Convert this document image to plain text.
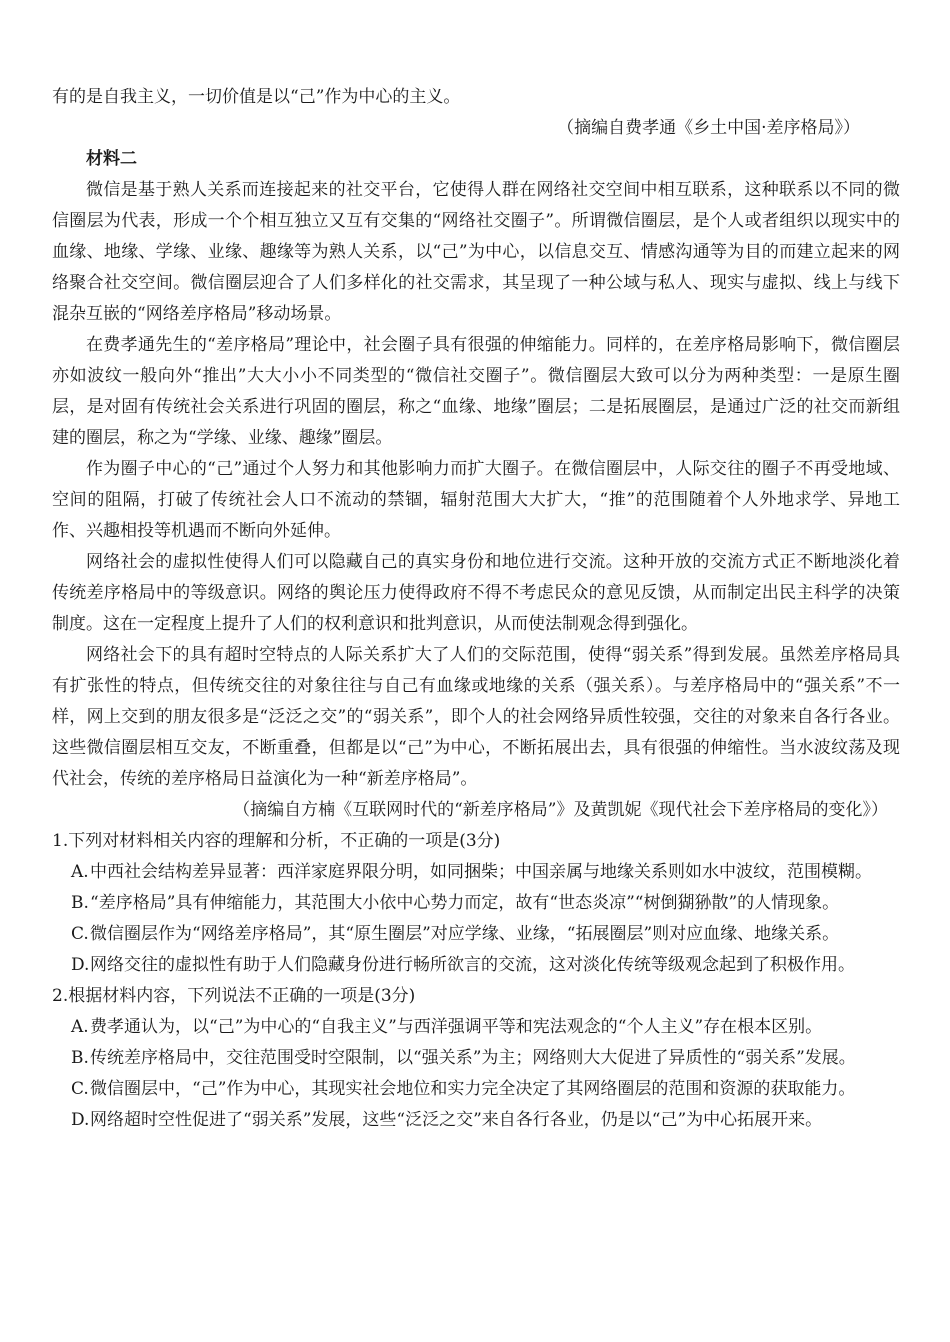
有的是自我主义，一切价值是以“己”作为中心的主义。

（摘编自费孝通《乡土中国·差序格局》）

材料二

微信是基于熟人关系而连接起来的社交平台，它使得人群在网络社交空间中相互联系，这种联系以不同的微信圈层为代表，形成一个个相互独立又互有交集的“网络社交圈子”。所谓微信圈层，是个人或者组织以现实中的血缘、地缘、学缘、业缘、趣缘等为熟人关系，以“己”为中心，以信息交互、情感沟通等为目的而建立起来的网络聚合社交空间。微信圈层迎合了人们多样化的社交需求，其呈现了一种公域与私人、现实与虚拟、线上与线下混杂互嵌的“网络差序格局”移动场景。

在费孝通先生的“差序格局”理论中，社会圈子具有很强的伸缩能力。同样的，在差序格局影响下，微信圈层亦如波纹一般向外“推出”大大小小不同类型的“微信社交圈子”。微信圈层大致可以分为两种类型：一是原生圈层，是对固有传统社会关系进行巩固的圈层，称之“血缘、地缘”圈层；二是拓展圈层，是通过广泛的社交而新组建的圈层，称之为“学缘、业缘、趣缘”圈层。

作为圈子中心的“己”通过个人努力和其他影响力而扩大圈子。在微信圈层中，人际交往的圈子不再受地域、空间的阻隔，打破了传统社会人口不流动的禁锢，辐射范围大大扩大，“推”的范围随着个人外地求学、异地工作、兴趣相投等机遇而不断向外延伸。

网络社会的虚拟性使得人们可以隐藏自己的真实身份和地位进行交流。这种开放的交流方式正不断地淡化着传统差序格局中的等级意识。网络的舆论压力使得政府不得不考虑民众的意见反馈，从而制定出民主科学的决策制度。这在一定程度上提升了人们的权利意识和批判意识，从而使法制观念得到强化。

网络社会下的具有超时空特点的人际关系扩大了人们的交际范围，使得“弱关系”得到发展。虽然差序格局具有扩张性的特点，但传统交往的对象往往与自己有血缘或地缘的关系（强关系）。与差序格局中的“强关系”不一样，网上交到的朋友很多是“泛泛之交”的“弱关系”，即个人的社会网络异质性较强，交往的对象来自各行各业。这些微信圈层相互交友，不断重叠，但都是以“己”为中心，不断拓展出去，具有很强的伸缩性。当水波纹荡及现代社会，传统的差序格局日益演化为一种“新差序格局”。

（摘编自方楠《互联网时代的“新差序格局”》及黄凯妮《现代社会下差序格局的变化》）

1.下列对材料相关内容的理解和分析，不正确的一项是(3分)

A.中西社会结构差异显著：西洋家庭界限分明，如同捆柴；中国亲属与地缘关系则如水中波纹，范围模糊。
B.“差序格局”具有伸缩能力，其范围大小依中心势力而定，故有“世态炎凉”“树倒猢狲散”的人情现象。
C.微信圈层作为“网络差序格局”，其“原生圈层”对应学缘、业缘，“拓展圈层”则对应血缘、地缘关系。
D.网络交往的虚拟性有助于人们隐藏身份进行畅所欲言的交流，这对淡化传统等级观念起到了积极作用。

2.根据材料内容，下列说法不正确的一项是(3分)

A.费孝通认为，以“己”为中心的“自我主义”与西洋强调平等和宪法观念的“个人主义”存在根本区别。
B.传统差序格局中，交往范围受时空限制，以“强关系”为主；网络则大大促进了异质性的“弱关系”发展。
C.微信圈层中，“己”作为中心，其现实社会地位和实力完全决定了其网络圈层的范围和资源的获取能力。
D.网络超时空性促进了“弱关系”发展，这些“泛泛之交”来自各行各业，仍是以“己”为中心拓展开来。
